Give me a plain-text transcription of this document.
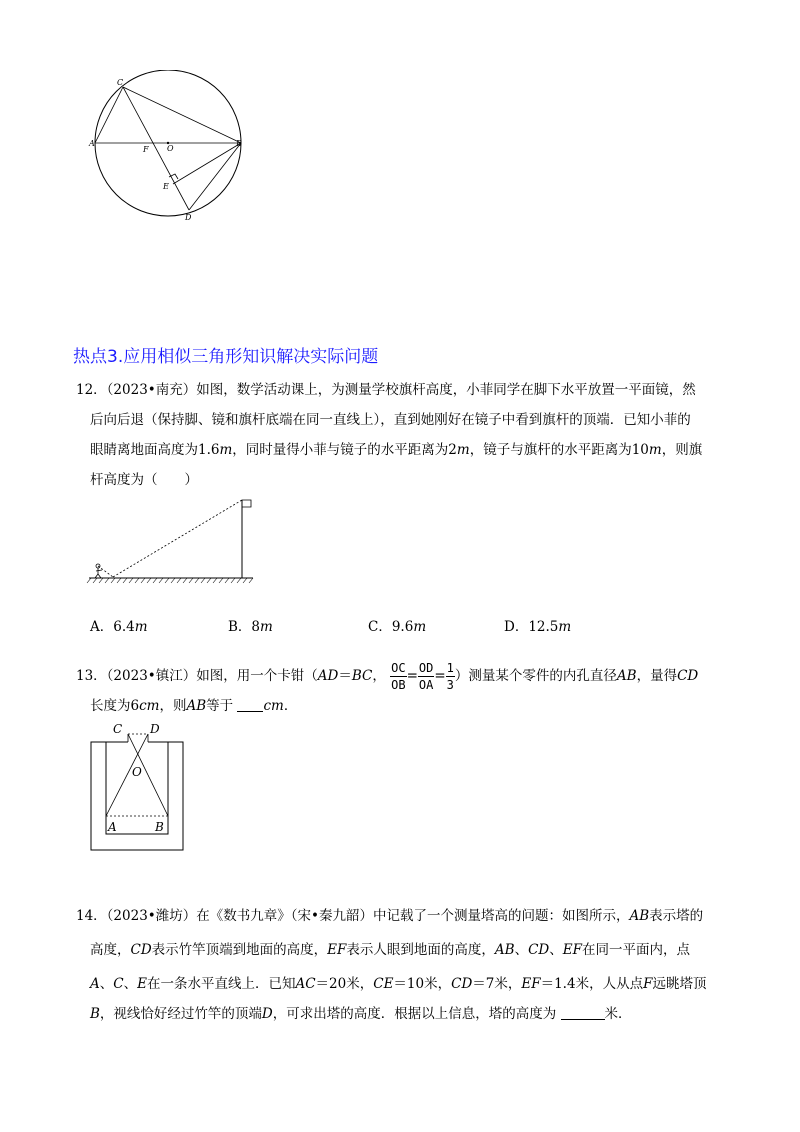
C
A
F O
B
E
D
热点3.应用相似三角形知识解决实际问题
12．（2023•南充）如图，数学活动课上，为测量学校旗杆高度，小菲同学在脚下水平放置一平面镜，然
后向后退（保持脚、镜和旗杆底端在同一直线上），直到她刚好在镜子中看到旗杆的顶端．已知小菲的
眼睛离地面高度为1.6m，同时量得小菲与镜子的水平距离为2m，镜子与旗杆的水平距离为10m，则旗
杆高度为（　　）
A．6.4m	B．8m	C．9.6m	D．12.5m
13．（2023•镇江）如图，用一个卡钳（AD＝BC， $\frac{OC}{OB} = \frac{OD}{OA} = \frac{1}{3}$ ）测量某个零件的内孔直径AB，量得CD
长度为6cm，则AB等于 cm．
C D
O
A	B
14．（2023•潍坊）在《数书九章》（宋•秦九韶）中记载了一个测量塔高的问题：如图所示，AB表示塔的
高度，CD表示竹竿顶端到地面的高度，EF表示人眼到地面的高度，AB、CD、EF在同一平面内，点
A、C、E在一条水平直线上．已知AC＝20米，CE＝10米，CD＝7米，EF＝1.4米，人从点F远眺塔顶
B，视线恰好经过竹竿的顶端D，可求出塔的高度．根据以上信息，塔的高度为	米．
